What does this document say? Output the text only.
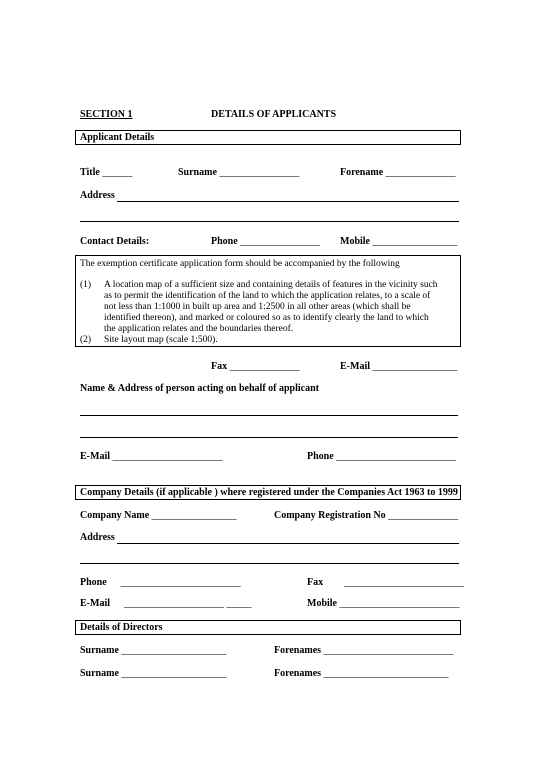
SECTION 1	DETAILS OF APPLICANTS
Applicant Details
Title ______	Surname ________________	Forename ______________
Address
Contact Details:	Phone ________________ Mobile _________________
The exemption certificate application form should be accompanied by the following
(1) A location map of a sufficient size and containing details of features in the vicinity such
as to permit the identification of the land to which the application relates, to a scale of
not less than 1:1000 in built up area and 1:2500 in all other areas (which shall be
identified thereon), and marked or coloured so as to identify clearly the land to which
the application relates and the boundaries thereof.
(2) Site layout map (scale 1:500).
Fax ______________	E-Mail _________________
Name & Address of person acting on behalf of applicant
E-Mail ______________________	Phone ________________________
Company Details (if applicable ) where registered under the Companies Act 1963 to 1999
Company Name _________________	Company Registration No ______________
Address
Phone ________________________	Fax ________________________
E-Mail ____________________ _____	Mobile ________________________
Details of Directors
Surname _____________________	Forenames __________________________
Surname _____________________	Forenames _________________________
